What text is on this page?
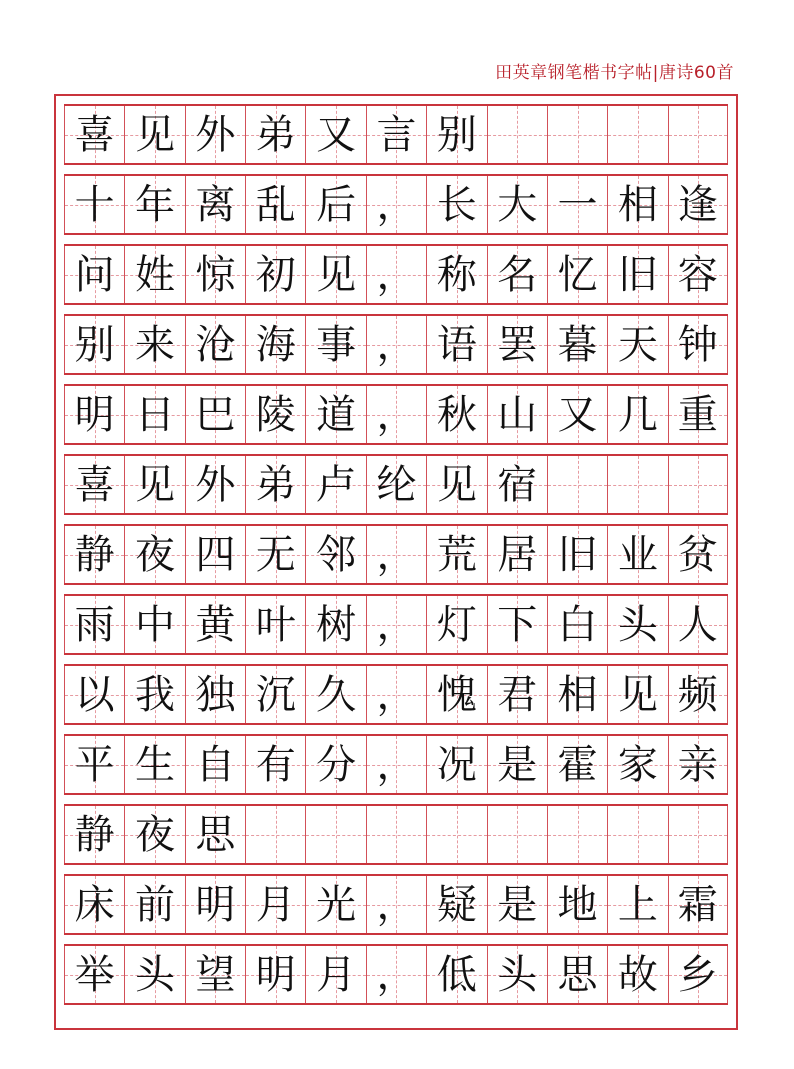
田英章钢笔楷书字帖|唐诗60首
喜 见 外 弟 又 言 别
十 年 离 乱 后 ， 长 大 一 相 逢
问 姓 惊 初 见 ， 称 名 忆 旧 容
别 来 沧 海 事 ， 语 罢 暮 天 钟
明 日 巴 陵 道 ， 秋 山 又 几 重
喜 见 外 弟 卢 纶 见 宿
静 夜 四 无 邻 ， 荒 居 旧 业 贫
雨 中 黄 叶 树 ， 灯 下 白 头 人
以 我 独 沉 久 ， 愧 君 相 见 频
平 生 自 有 分 ， 况 是 霍 家 亲
静 夜 思
床 前 明 月 光 ， 疑 是 地 上 霜
举 头 望 明 月 ， 低 头 思 故 乡
